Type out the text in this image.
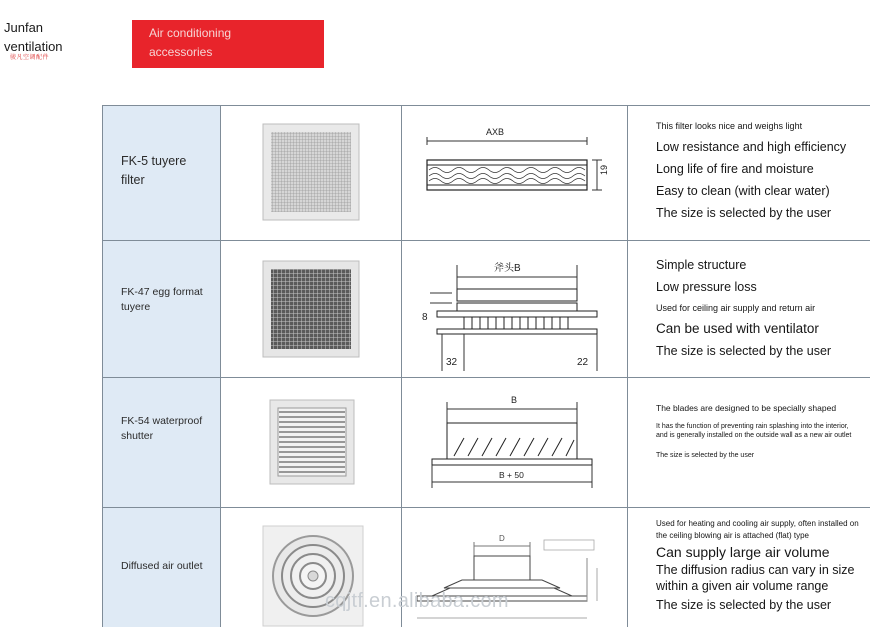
Junfan
ventilation
骏凡空调配件
Air conditioning
accessories
FK-5 tuyere filter
AXB
19
This filter looks nice and weighs light
Low resistance and high efficiency
Long life of fire and moisture
Easy to clean (with clear water)
The size is selected by the user
FK-47 egg format tuyere
斧头B
8
32	22
Simple structure
Low pressure loss
Used for ceiling air supply and return air
Can be used with ventilator
The size is selected by the user
FK-54 waterproof shutter
B
B + 50
The blades are designed to be specially shaped
It has the function of preventing rain splashing into the interior, and is generally installed on the outside wall as a new air outlet
The size is selected by the user
Diffused air outlet
D
Used for heating and cooling air supply, often installed on the ceiling blowing air is attached (flat) type
Can supply large air volume
The diffusion radius can vary in size within a given air volume range
The size is selected by the user
cqjtf.en.alibaba.com
